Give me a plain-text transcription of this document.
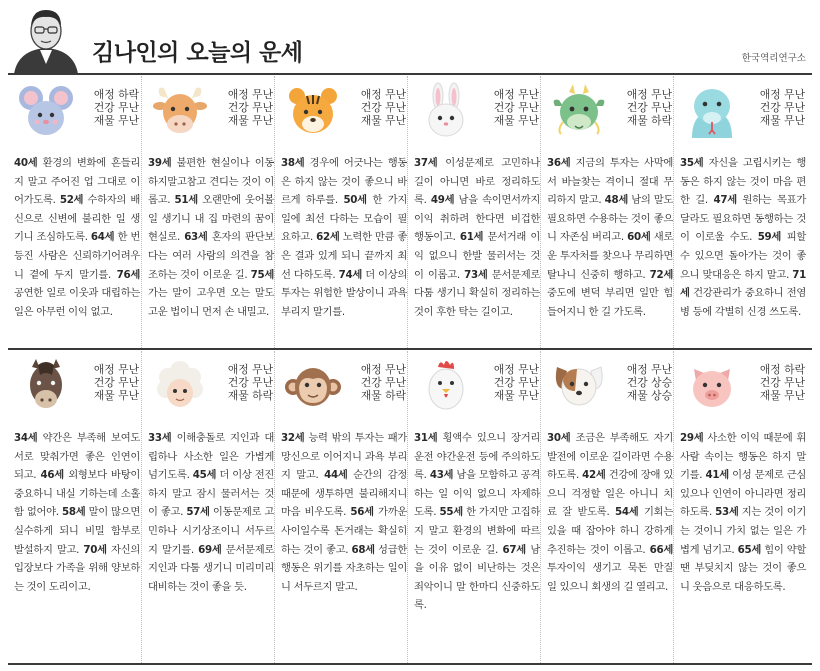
김나인의 오늘의 운세	한국역리연구소
애정 하락
건강 무난
재물 무난
40세 환경의 변화에 흔들리지 말고 주어진 업 그대로 이어가도록. 52세 수하자의 배신으로 신변에 불리한 일 생기니 조심하도록. 64세 한 번 등진 사람은 신뢰하기어려우니 곁에 두지 말기를. 76세 공연한 일로 이웃과 대립하는 일은 아무런 이익 없고.
애정 무난
건강 무난
재물 무난
39세 불편한 현실이나 이동하지말고참고 견디는 것이 이롭고. 51세 오랜만에 웃어볼 일 생기니 내 집 마련의 꿈이 현실로. 63세 혼자의 판단보다는 여러 사람의 의견을 참조하는 것이 이로운 길. 75세 가는 말이 고우면 오는 말도 고운 법이니 먼저 손 내밀고.
애정 무난
건강 무난
재물 무난
38세 경우에 어긋나는 행동은 하지 않는 것이 좋으니 바르게 하루를. 50세 한 가지 일에 최선 다하는 모습이 필요하고. 62세 노력한 만큼 좋은 결과 있게 되니 끝까지 최선 다하도록. 74세 더 이상의 투자는 위험한 발상이니 과욕 부리지 말기를.
애정 무난
건강 무난
재물 무난
37세 이성문제로 고민하나 길이 아니면 바로 정리하도록. 49세 남을 속이면서까지 이익 취하려 한다면 비겁한 행동이고. 61세 문서거래 이익 없으니 한발 물러서는 것이 이롭고. 73세 문서문제로 다툼 생기니 확실히 정리하는 것이 후한 탁는 길이고.
애정 무난
건강 무난
재물 하락
36세 지금의 투자는 사막에서 바늘찾는 격이니 절대 무리하지 말고. 48세 남의 말도 필요하면 수용하는 것이 좋으니 자존심 버리고. 60세 새로운 투자처를 찾으나 무리하면탈나니 신중히 행하고. 72세 중도에 변덕 부리면 일만 힘들어지니 한 길 가도록.
애정 무난
건강 무난
재물 무난
35세 자신을 고립시키는 행동은 하지 않는 것이 마음 편한 길. 47세 원하는 목표가 달라도 필요하면 동행하는 것이 이로울 수도. 59세 피할 수 있으면 돌아가는 것이 좋으니 맞대응은 하지 말고. 71세 건강관리가 중요하니 전염병 등에 각별히 신경 쓰도록.
애정 무난
건강 무난
재물 무난
34세 약간은 부족해 보여도 서로 맞춰가면 좋은 인연이 되고. 46세 외형보다 바탕이 중요하니 내실 기하는데 소홀함 없어야. 58세 말이 많으면 실수하게 되니 비밀 함부로 발설하지 말고. 70세 자신의 입장보다 가족을 위해 양보하는 것이 도리이고.
애정 무난
건강 무난
재물 하락
33세 이해충돌로 지인과 대립하나 사소한 일은 가볍게 넘기도록. 45세 더 이상 전진하지 말고 잠시 물러서는 것이 좋고. 57세 이동문제로 고민하나 시기상조이니 서두르지 말기를. 69세 문서문제로 지인과 다툼 생기니 미리미리 대비하는 것이 좋을 듯.
애정 무난
건강 무난
재물 하락
32세 능력 밖의 투자는 패가망신으로 이어지니 과욕 부리지 말고. 44세 순간의 감정 때문에 생투하면 불리해지니 마음 비우도록. 56세 가까운 사이일수록 돈거래는 확실히 하는 것이 좋고. 68세 성급한 행동은 위기를 자초하는 일이니 서두르지 말고.
애정 무난
건강 무난
재물 무난
31세 횡액수 있으니 장거리운전 야간운전 등에 주의하도록. 43세 남을 모함하고 공격하는 일 이익 없으니 자제하도록. 55세 한 가지만 고집하지 말고 환경의 변화에 따르는 것이 이로운 길. 67세 남을 이유 없이 비난하는 것은 죄악이니 말 한마디 신중하도록.
애정 무난
건강 상승
재물 상승
30세 조금은 부족해도 자기발전에 이로운 길이라면 수용하도록. 42세 건강에 장애 있으니 걱정할 일은 아니니 치료 잘 받도록. 54세 기회는 있을 때 잡아야 하니 강하게 추진하는 것이 이롭고. 66세 투자이익 생기고 묵돈 만질 일 있으니 회생의 길 열리고.
애정 하락
건강 무난
재물 무난
29세 사소한 이익 때문에 휘사람 속이는 행동은 하지 말기를. 41세 이성 문제로 근심 있으나 인연이 아니라면 정리하도록. 53세 지는 것이 이기는 것이니 가치 없는 일은 가볍게 넘기고. 65세 힘이 약할 땐 부딪치지 않는 것이 좋으니 웃음으로 대응하도록.
